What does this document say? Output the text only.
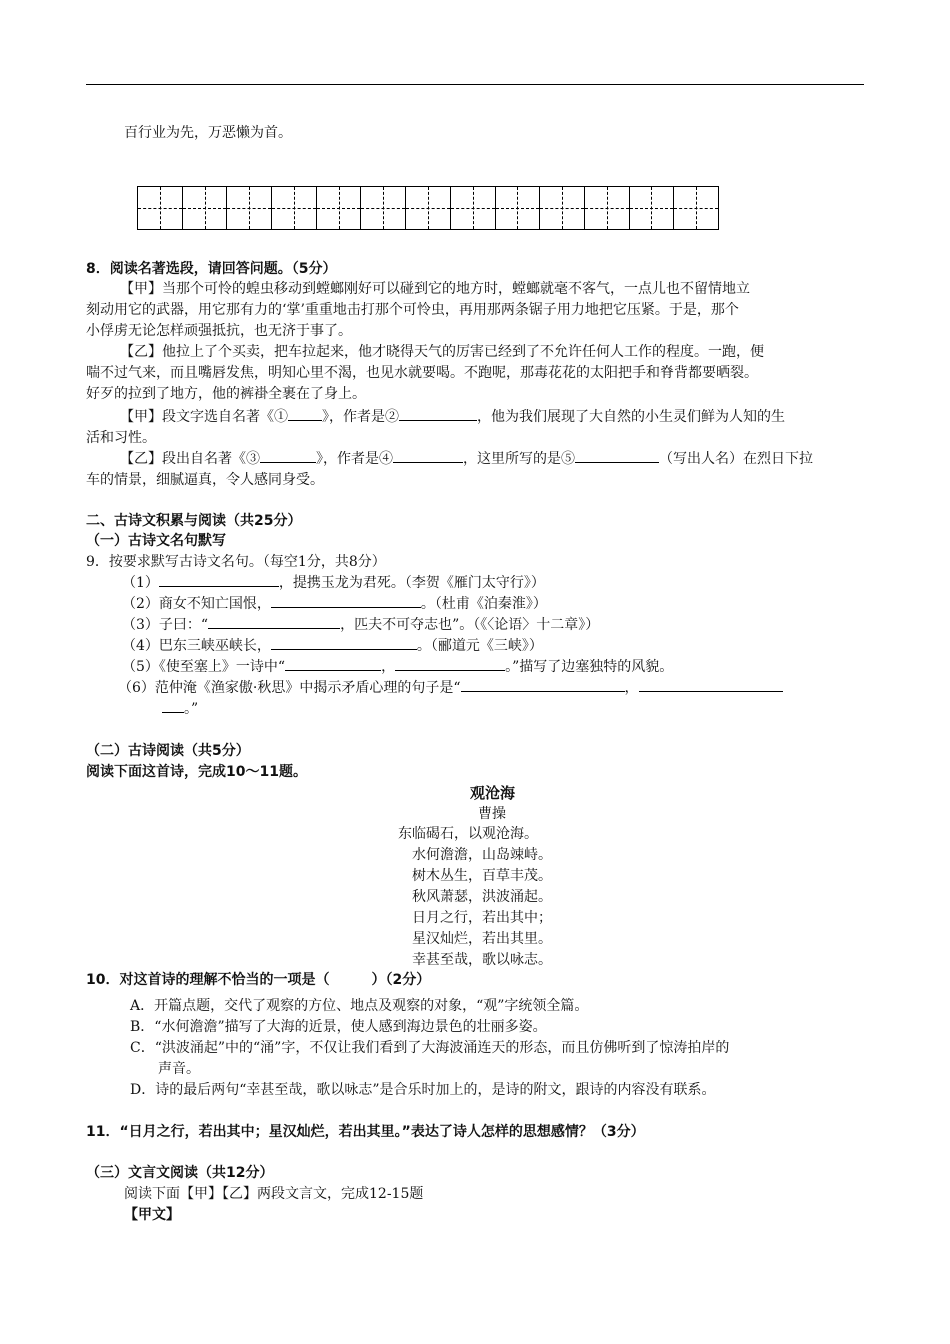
百行业为先，万恶懒为首。
8．阅读名著选段，请回答问题。（5分）
【甲】当那个可怜的蝗虫移动到螳螂刚好可以碰到它的地方时，螳螂就毫不客气，一点儿也不留情地立
刻动用它的武器，用它那有力的‘掌’重重地击打那个可怜虫，再用那两条锯子用力地把它压紧。于是，那个
小俘虏无论怎样顽强抵抗，也无济于事了。
【乙】他拉上了个买卖，把车拉起来，他才晓得天气的厉害已经到了不允许任何人工作的程度。一跑，便
喘不过气来，而且嘴唇发焦，明知心里不渴，也见水就要喝。不跑呢，那毒花花的太阳把手和脊背都要晒裂。
好歹的拉到了地方，他的裤褂全裹在了身上。
【甲】段文字选自名著《① 》，作者是②	，他为我们展现了大自然的小生灵们鲜为人知的生
活和习性。
【乙】段出自名著《③	》，作者是④	，这里所写的是⑤	（写出人名）在烈日下拉
车的情景，细腻逼真，令人感同身受。
二、古诗文积累与阅读（共25分）
（一）古诗文名句默写
9．按要求默写古诗文名句。（每空1分，共8分）
（1）	，提携玉龙为君死。（李贺《雁门太守行》）
（2）商女不知亡国恨，	。（杜甫《泊秦淮》）
（3）子曰：“	，匹夫不可夺志也”。（《〈论语〉十二章》）
（4）巴东三峡巫峡长，	。（郦道元《三峡》）
（5）《使至塞上》一诗中“	，	。”描写了边塞独特的风貌。
（6）范仲淹《渔家傲·秋思》中揭示矛盾心理的句子是“	，
。”
（二）古诗阅读（共5分）
阅读下面这首诗，完成10～11题。
观沧海
曹操
东临碣石，以观沧海。
水何澹澹，山岛竦峙。
树木丛生，百草丰茂。
秋风萧瑟，洪波涌起。
日月之行，若出其中；
星汉灿烂，若出其里。
幸甚至哉，歌以咏志。
10．对这首诗的理解不恰当的一项是（　　　）（2分）
A．开篇点题，交代了观察的方位、地点及观察的对象，“观”字统领全篇。
B．“水何澹澹”描写了大海的近景，使人感到海边景色的壮丽多姿。
C．“洪波涌起”中的“涌”字，不仅让我们看到了大海波涌连天的形态，而且仿佛听到了惊涛拍岸的
声音。
D．诗的最后两句“幸甚至哉，歌以咏志”是合乐时加上的，是诗的附文，跟诗的内容没有联系。
11．“日月之行，若出其中；星汉灿烂，若出其里。”表达了诗人怎样的思想感情？（3分）
（三）文言文阅读（共12分）
阅读下面【甲】【乙】两段文言文，完成12-15题
【甲文】
